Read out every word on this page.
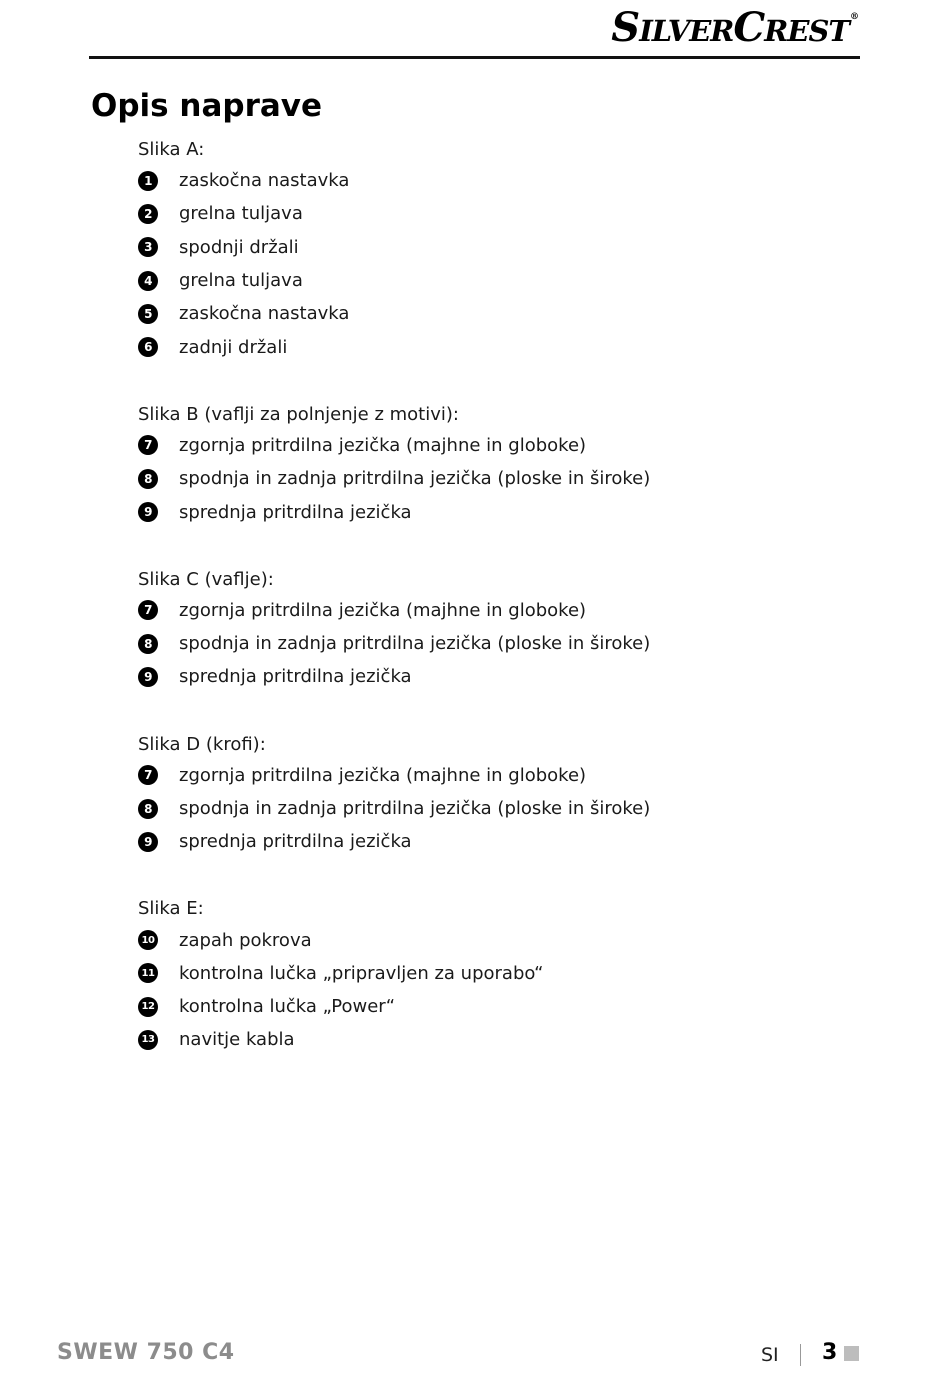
SILVERCREST®
Opis naprave
Slika A:
1	zaskočna nastavka
2	grelna tuljava
3	spodnji držali
4	grelna tuljava
5	zaskočna nastavka
6	zadnji držali
Slika B (vaflji za polnjenje z motivi):
7	zgornja pritrdilna jezička (majhne in globoke)
8	spodnja in zadnja pritrdilna jezička (ploske in široke)
9	sprednja pritrdilna jezička
Slika C (vaflje):
7	zgornja pritrdilna jezička (majhne in globoke)
8	spodnja in zadnja pritrdilna jezička (ploske in široke)
9	sprednja pritrdilna jezička
Slika D (krofi):
7	zgornja pritrdilna jezička (majhne in globoke)
8	spodnja in zadnja pritrdilna jezička (ploske in široke)
9	sprednja pritrdilna jezička
Slika E:
10 zapah pokrova
11 kontrolna lučka „pripravljen za uporabo“
12 kontrolna lučka „Power“
13 navitje kabla
SWEW 750 C4	SI 3
